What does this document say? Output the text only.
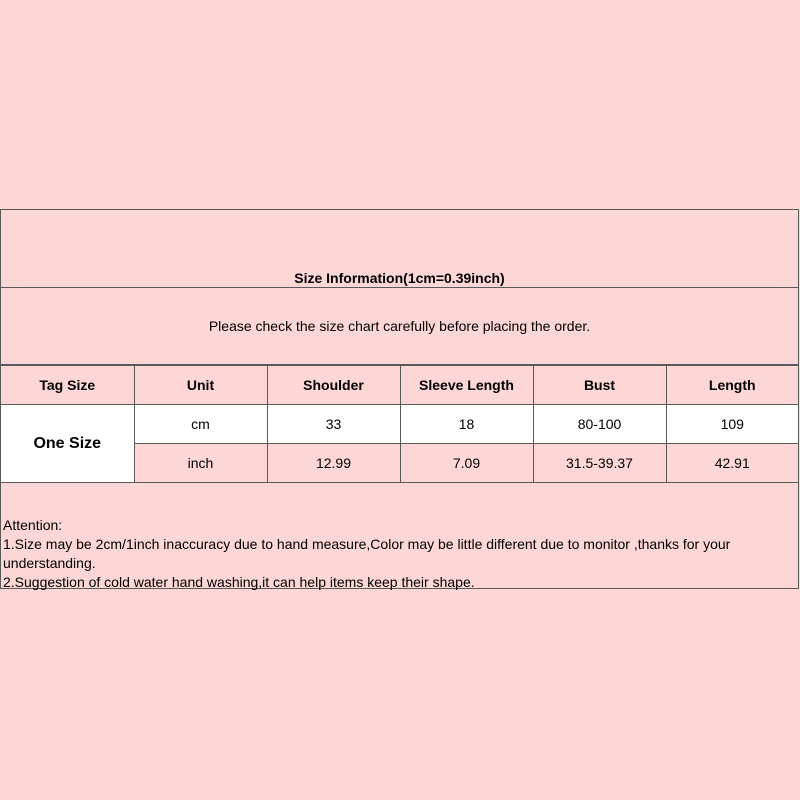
Size Information(1cm=0.39inch)
Please check the size chart carefully before placing the order.
Tag Size	Unit	Shoulder	Sleeve Length	Bust	Length
One Size	cm	33	18	80-100	109
	inch	12.99	7.09	31.5-39.37	42.91
Attention:
1.Size may be 2cm/1inch inaccuracy due to hand measure,Color may be little different due to monitor ,thanks for your understanding.
2.Suggestion of cold water hand washing,it can help items keep their shape.
